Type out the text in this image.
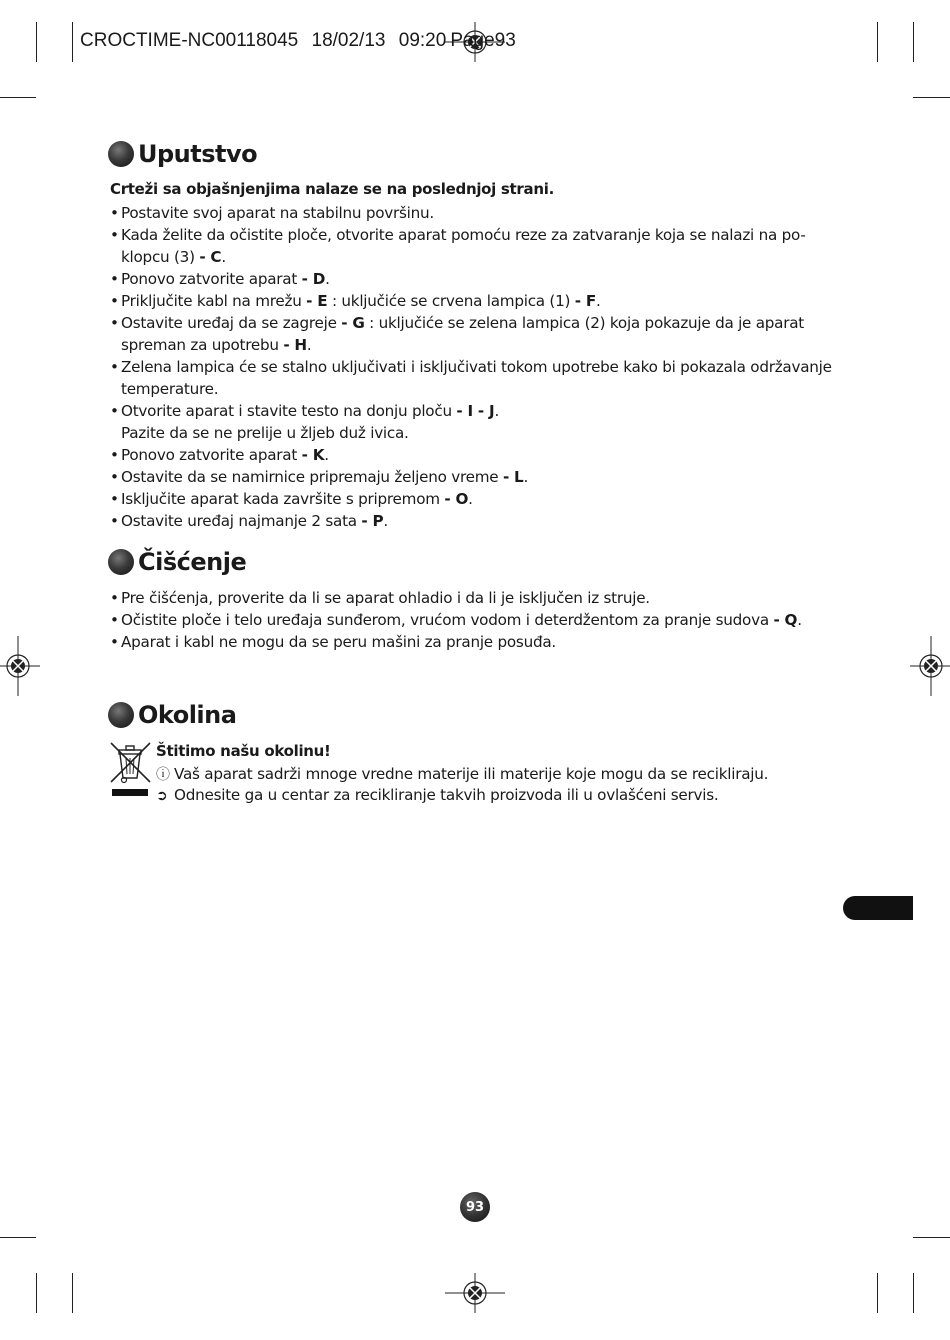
CROCTIME-NC00118045 18/02/13 09:20 Page93
Uputstvo
Crteži sa objašnjenjima nalaze se na poslednjoj strani.
• Postavite svoj aparat na stabilnu površinu.
• Kada želite da očistite ploče, otvorite aparat pomoću reze za zatvaranje koja se nalazi na po-klopcu (3) - C.
• Ponovo zatvorite aparat - D.
• Priključite kabl na mrežu - E : uključiće se crvena lampica (1) - F.
• Ostavite uređaj da se zagreje - G : uključiće se zelena lampica (2) koja pokazuje da je aparat spreman za upotrebu - H.
• Zelena lampica će se stalno uključivati i isključivati tokom upotrebe kako bi pokazala održavanje temperature.
• Otvorite aparat i stavite testo na donju ploču - I - J.
Pazite da se ne prelije u žljeb duž ivica.
• Ponovo zatvorite aparat - K.
• Ostavite da se namirnice pripremaju željeno vreme - L.
• Isključite aparat kada završite s pripremom - O.
• Ostavite uređaj najmanje 2 sata - P.
Čišćenje
• Pre čišćenja, proverite da li se aparat ohladio i da li je isključen iz struje.
• Očistite ploče i telo uređaja sunđerom, vrućom vodom i deterdžentom za pranje sudova - Q.
• Aparat i kabl ne mogu da se peru mašini za pranje posuđa.
Okolina
Štitimo našu okolinu!
ⓘ Vaš aparat sadrži mnoge vredne materije ili materije koje mogu da se recikliraju.
➲ Odnesite ga u centar za recikliranje takvih proizvoda ili u ovlašćeni servis.
93
